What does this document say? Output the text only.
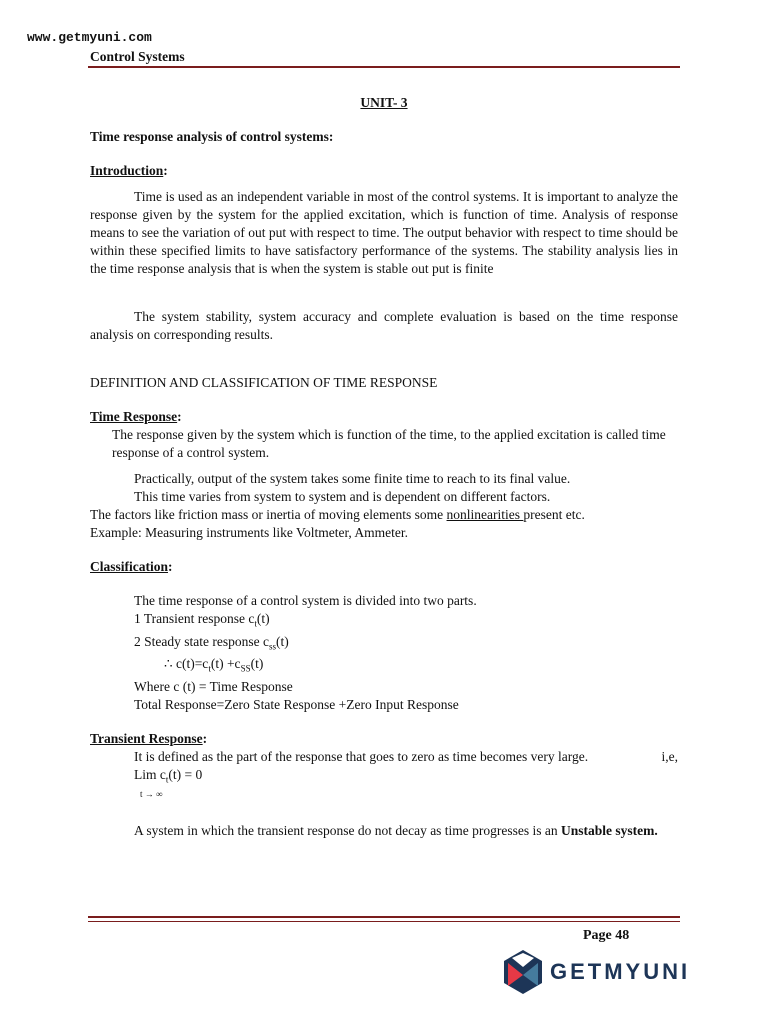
www.getmyuni.com
Control Systems

UNIT- 3

Time response analysis of control systems:

Introduction:

Time is used as an independent variable in most of the control systems. It is important to analyze the response given by the system for the applied excitation, which is function of time. Analysis of response means to see the variation of out put with respect to time. The output behavior with respect to time should be within these specified limits to have satisfactory performance of the systems. The stability analysis lies in the time response analysis that is when the system is stable out put is finite

The system stability, system accuracy and complete evaluation is based on the time response analysis on corresponding results.

DEFINITION AND CLASSIFICATION OF TIME RESPONSE

Time Response:

The response given by the system which is function of the time, to the applied excitation is called time response of a control system.

Practically, output of the system takes some finite time to reach to its final value.

This time varies from system to system and is dependent on different factors.

The factors like friction mass or inertia of moving elements some nonlinearities present etc.

Example: Measuring instruments like Voltmeter, Ammeter.

Classification:

The time response of a control system is divided into two parts.

1 Transient response $c_t(t)$

2 Steady state response $c_{ss}(t)$

∴ $c(t)=c_t(t) +c_{SS}(t)$

Where c (t) = Time Response

Total Response=Zero State Response +Zero Input Response

Transient Response:

It is defined as the part of the response that goes to zero as time becomes very large.	i,e,

Lim $c_t(t) = 0$

t → ∞

A system in which the transient response do not decay as time progresses is an Unstable system.

Page 48
GETMYUNI
